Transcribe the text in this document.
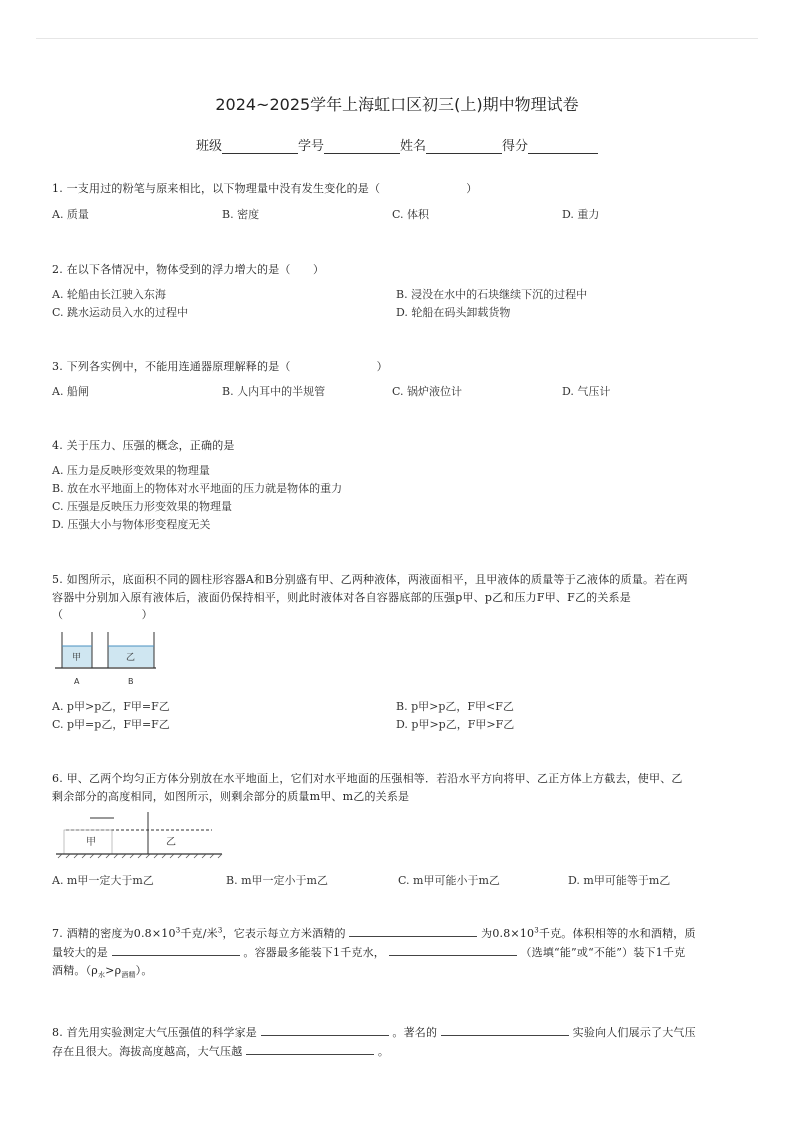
2024~2025学年上海虹口区初三(上)期中物理试卷
班级	学号	姓名	得分
1. 一支用过的粉笔与原来相比，以下物理量中没有发生变化的是（	）
A. 质量	B. 密度	C. 体积	D. 重力
2. 在以下各情况中，物体受到的浮力增大的是（　　）
A. 轮船由长江驶入东海	B. 浸没在水中的石块继续下沉的过程中
C. 跳水运动员入水的过程中	D. 轮船在码头卸载货物
3. 下列各实例中，不能用连通器原理解释的是（	）
A. 船闸	B. 人内耳中的半规管	C. 锅炉液位计	D. 气压计
4. 关于压力、压强的概念，正确的是
A. 压力是反映形变效果的物理量
B. 放在水平地面上的物体对水平地面的压力就是物体的重力
C. 压强是反映压力形变效果的物理量
D. 压强大小与物体形变程度无关
5. 如图所示，底面积不同的圆柱形容器A和B分别盛有甲、乙两种液体，两液面相平，且甲液体的质量等于乙液体的质量。若在两
容器中分别加入原有液体后，液面仍保持相平，则此时液体对各自容器底部的压强p甲、p乙和压力F甲、F乙的关系是
（　　　　　　　）
甲	乙
A	B
A. p甲>p乙，F甲=F乙	B. p甲>p乙，F甲<F乙
C. p甲=p乙，F甲=F乙	D. p甲>p乙，F甲>F乙
6. 甲、乙两个均匀正方体分别放在水平地面上，它们对水平地面的压强相等．若沿水平方向将甲、乙正方体上方截去，使甲、乙
剩余部分的高度相同，如图所示，则剩余部分的质量m甲、m乙的关系是
甲	乙
A. m甲一定大于m乙	B. m甲一定小于m乙	C. m甲可能小于m乙	D. m甲可能等于m乙
7. 酒精的密度为$0.8\times 10^3$千克/米$^3$，它表示每立方米酒精的	为$0.8\times 10^3$千克。体积相等的水和酒精，质
量较大的是	。容器最多能装下1千克水，	（选填“能”或“不能”）装下1千克
酒精。$(\rho_水>\rho_{酒精})$。
8. 首先用实验测定大气压强值的科学家是	。著名的	实验向人们展示了大气压
存在且很大。海拔高度越高，大气压越	。
